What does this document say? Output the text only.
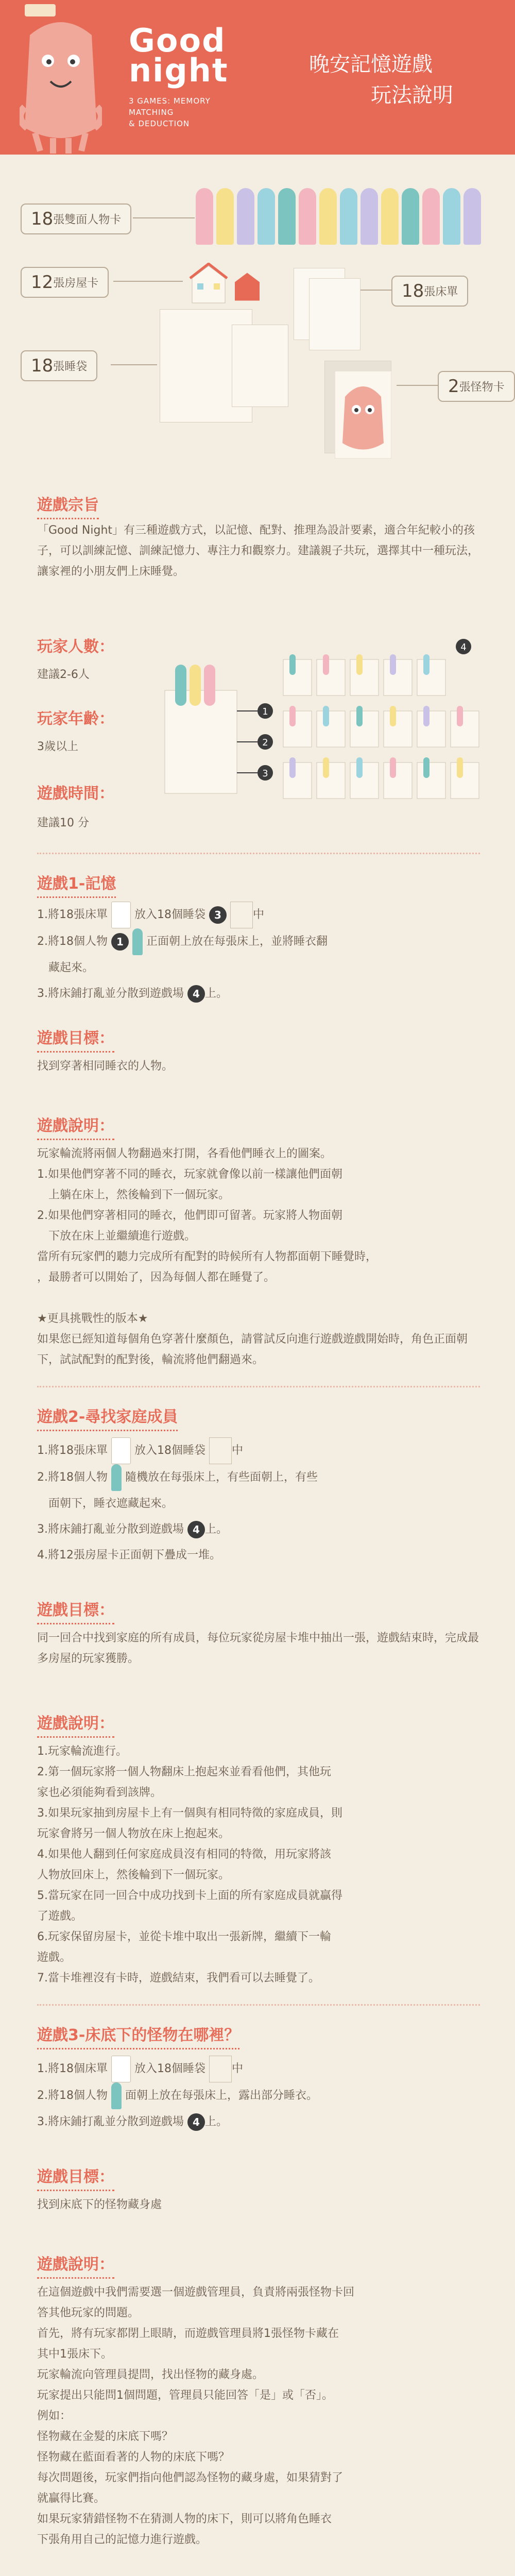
Good
night
3 GAMES: MEMORY
MATCHING
& DEDUCTION
晚安記憶遊戲
玩法說明
18張雙面人物卡
12張房屋卡	18張床單
18張睡袋
2張怪物卡
遊戲宗旨
「Good Night」有三種遊戲方式，以記憶、配對、推理為設計要素，適合年紀較小的孩子，可以訓練記憶、訓練記憶力、專注力和觀察力。建議親子共玩，選擇其中一種玩法，讓家裡的小朋友們上床睡覺。
玩家人數：
建議2-6人
玩家年齡：
3歲以上
遊戲時間：
建議10 分
1
2
3
4
遊戲1-記憶

1.將18張床單 放入18個睡袋 3	中

2.將18個人物 1 正面朝上放在每張床上，並將睡衣翻

藏起來。

3.將床鋪打亂並分散到遊戲場 4 上。

遊戲目標：
找到穿著相同睡衣的人物。
遊戲說明：

玩家輪流將兩個人物翻過來打開，各看他們睡衣上的圖案。

1.如果他們穿著不同的睡衣，玩家就會像以前一樣讓他們面朝

上躺在床上，然後輪到下一個玩家。

2.如果他們穿著相同的睡衣，他們即可留著。玩家將人物面朝

下放在床上並繼續進行遊戲。

當所有玩家們的聽力完成所有配對的時候所有人物都面朝下睡覺時，

，最勝者可以開始了，因為每個人都在睡覺了。

★更具挑戰性的版本★

如果您已經知道每個角色穿著什麼顏色，請嘗試反向進行遊戲遊戲開始時，角色正面朝下，試試配對的配對後，輪流將他們翻過來。

遊戲2-尋找家庭成員

1.將18張床單 放入18個睡袋 中

2.將18個人物 隨機放在每張床上，有些面朝上，有些

面朝下，睡衣遮藏起來。

3.將床鋪打亂並分散到遊戲場 4 上。

4.將12張房屋卡正面朝下疊成一堆。

遊戲目標：
同一回合中找到家庭的所有成員，每位玩家從房屋卡堆中抽出一張，遊戲結束時，完成最多房屋的玩家獲勝。
遊戲說明：

1.玩家輪流進行。

2.第一個玩家將一個人物翻床上抱起來並看看他們，其他玩

家也必須能夠看到該牌。

3.如果玩家抽到房屋卡上有一個與有相同特徵的家庭成員，則

玩家會將另一個人物放在床上抱起來。

4.如果他人翻到任何家庭成員沒有相同的特徵，用玩家將該

人物放回床上，然後輪到下一個玩家。

5.當玩家在同一回合中成功找到卡上面的所有家庭成員就贏得

了遊戲。

6.玩家保留房屋卡，並從卡堆中取出一張新牌，繼續下一輪

遊戲。

7.當卡堆裡沒有卡時，遊戲結束，我們看可以去睡覺了。

遊戲3-床底下的怪物在哪裡？

1.將18個床單 放入18個睡袋 中

2.將18個人物 面朝上放在每張床上，露出部分睡衣。

3.將床鋪打亂並分散到遊戲場 4 上。

遊戲目標：
找到床底下的怪物藏身處
遊戲說明：

在這個遊戲中我們需要選一個遊戲管理員，負責將兩張怪物卡回

答其他玩家的問題。

首先，將有玩家都閉上眼睛，而遊戲管理員將1張怪物卡藏在

其中1張床下。

玩家輪流向管理員提問，找出怪物的藏身處。

玩家提出只能問1個問題，管理員只能回答「是」或「否」。

例如：

怪物藏在金髮的床底下嗎？

怪物藏在藍面看著的人物的床底下嗎？

每次問題後，玩家們指向他們認為怪物的藏身處，如果猜對了

就贏得比賽。

如果玩家猜錯怪物不在猜測人物的床下，則可以將角色睡衣

下張角用自己的記憶力進行遊戲。
